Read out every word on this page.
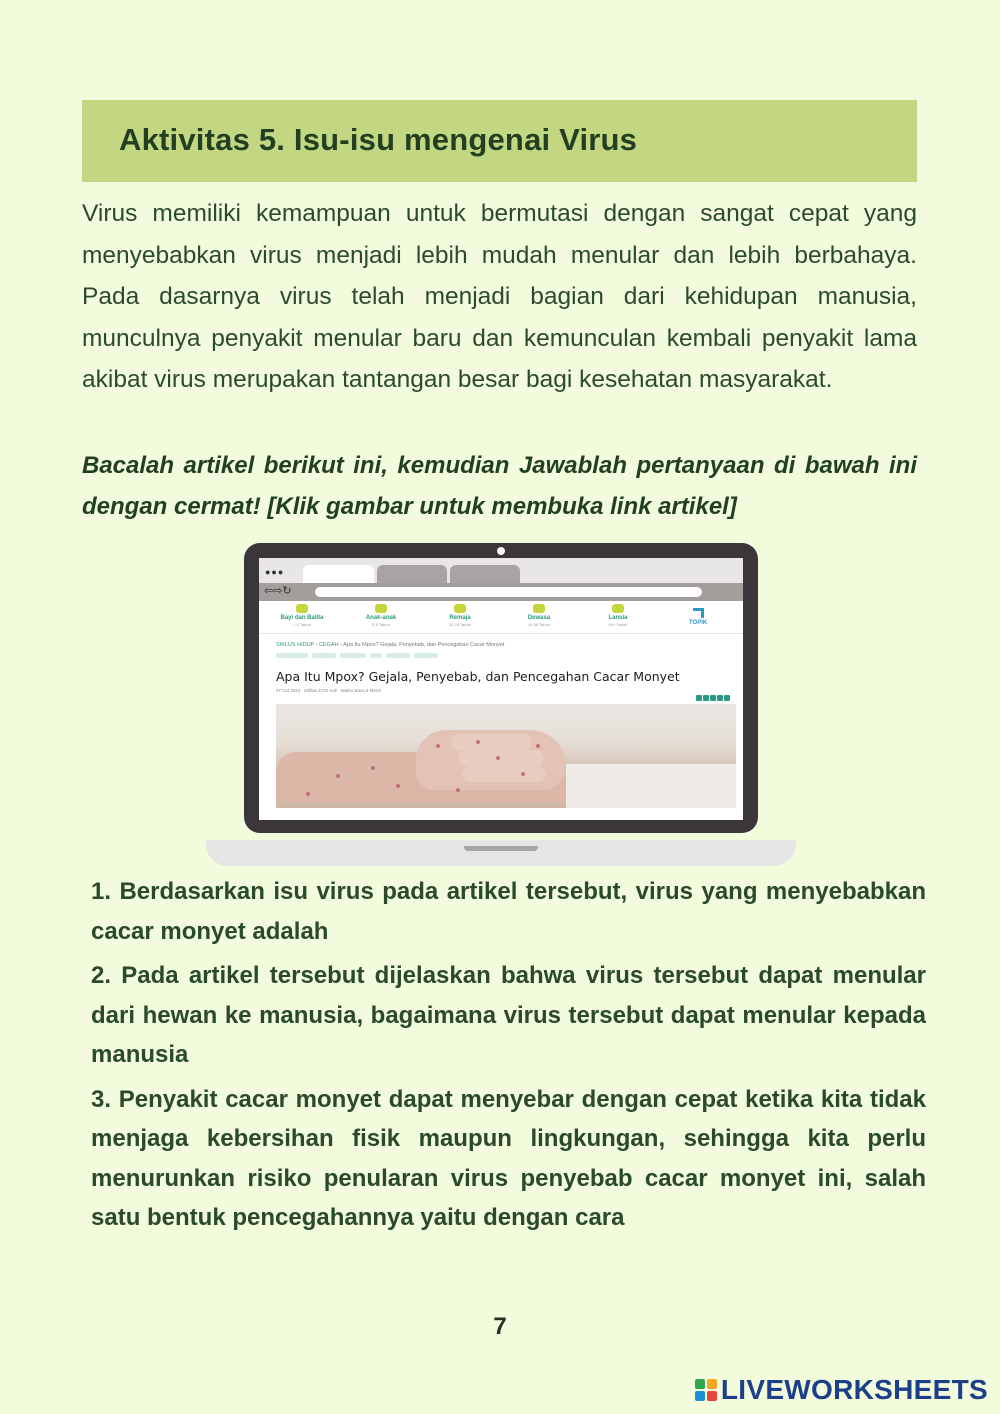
Aktivitas 5. Isu-isu mengenai Virus

Virus memiliki kemampuan untuk bermutasi dengan sangat cepat yang menyebabkan virus menjadi lebih mudah menular dan lebih berbahaya. Pada dasarnya virus telah menjadi bagian dari kehidupan manusia, munculnya penyakit menular baru dan kemunculan kembali penyakit lama akibat virus merupakan tantangan besar bagi kesehatan masyarakat.

Bacalah artikel berikut ini, kemudian Jawablah pertanyaan di bawah ini dengan cermat! [Klik gambar untuk membuka link artikel]

●●●
⇦⇨↻
Bayi dan Balita
< 5 Tahun
Anak-anak
5-9 Tahun
Remaja
10-18 Tahun
Dewasa
19-59 Tahun
Lansia
60+ Tahun	TOPIK
SIKLUS HIDUP › CEGAH › Apa Itu Mpox? Gejala, Penyebab, dan Pencegahan Cacar Monyet
Apa Itu Mpox? Gejala, Penyebab, dan Pencegahan Cacar Monyet
07 Oct 2024 Dilihat 2476 Kali Waktu Baca 5 Menit

1. Berdasarkan isu virus pada artikel tersebut, virus yang menyebabkan cacar monyet adalah

2. Pada artikel tersebut dijelaskan bahwa virus tersebut dapat menular dari hewan ke manusia, bagaimana virus tersebut dapat menular kepada manusia

3. Penyakit cacar monyet dapat menyebar dengan cepat ketika kita tidak menjaga kebersihan fisik maupun lingkungan, sehingga kita perlu menurunkan risiko penularan virus penyebab cacar monyet ini, salah satu bentuk pencegahannya yaitu dengan cara

7
LIVEWORKSHEETS
